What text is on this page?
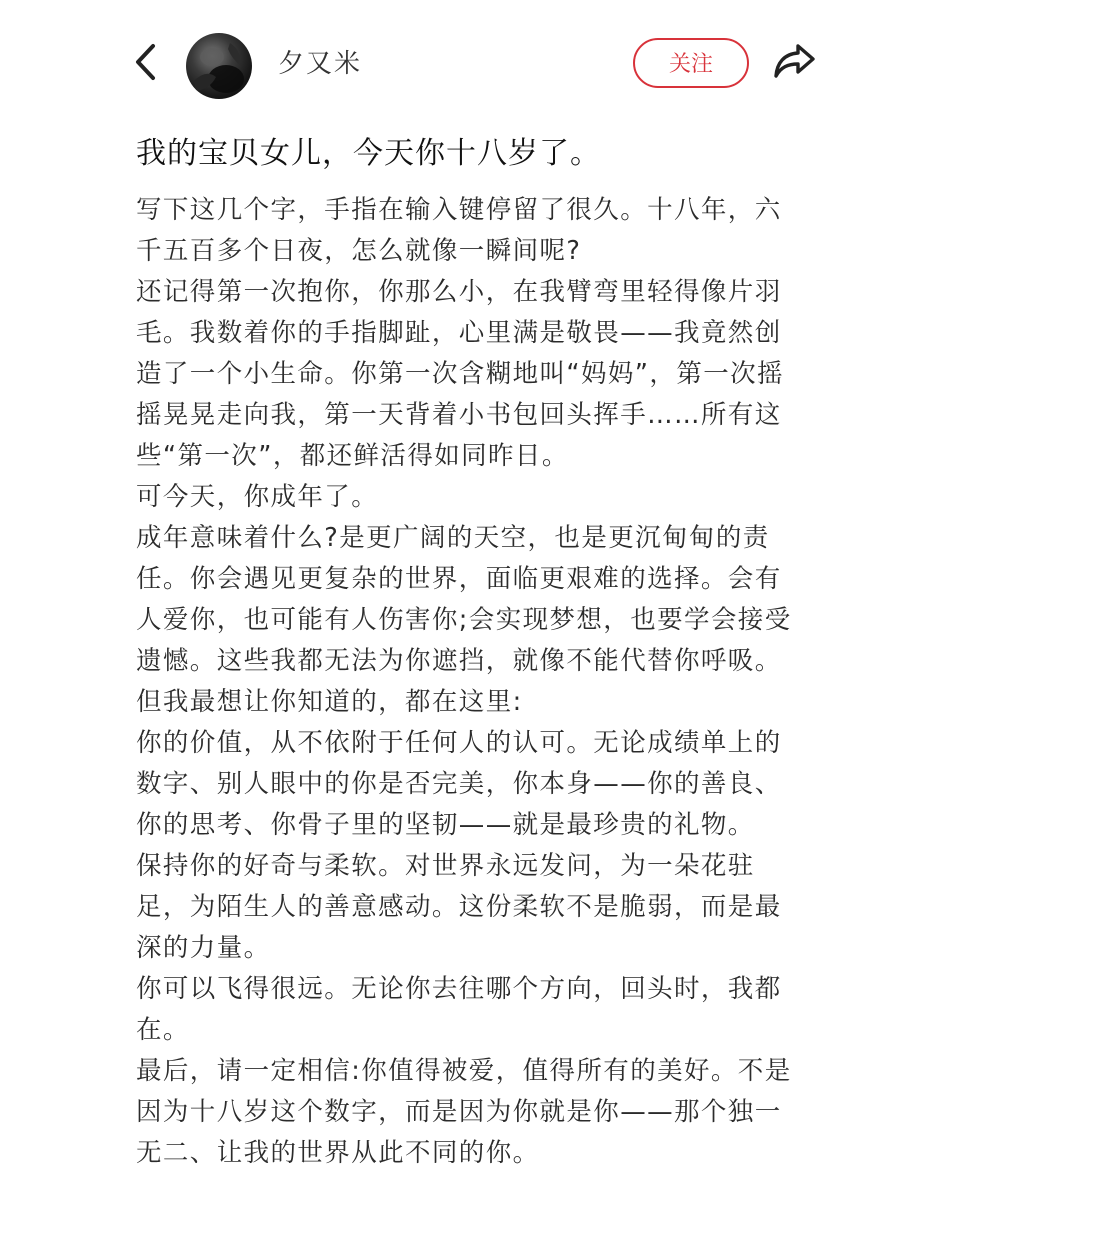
夕又米	关注
我的宝贝女儿，今天你十八岁了。

写下这几个字，手指在输入键停留了很久。十八年，六千五百多个日夜，怎么就像一瞬间呢?

还记得第一次抱你，你那么小，在我臂弯里轻得像片羽毛。我数着你的手指脚趾，心里满是敬畏——我竟然创造了一个小生命。你第一次含糊地叫“妈妈”，第一次摇摇晃晃走向我，第一天背着小书包回头挥手……所有这些“第一次”，都还鲜活得如同昨日。

可今天，你成年了。

成年意味着什么?是更广阔的天空，也是更沉甸甸的责任。你会遇见更复杂的世界，面临更艰难的选择。会有人爱你，也可能有人伤害你;会实现梦想，也要学会接受遗憾。这些我都无法为你遮挡，就像不能代替你呼吸。

但我最想让你知道的，都在这里:

你的价值，从不依附于任何人的认可。无论成绩单上的数字、别人眼中的你是否完美，你本身——你的善良、你的思考、你骨子里的坚韧——就是最珍贵的礼物。

保持你的好奇与柔软。对世界永远发问，为一朵花驻足，为陌生人的善意感动。这份柔软不是脆弱，而是最深的力量。

你可以飞得很远。无论你去往哪个方向，回头时，我都在。

最后，请一定相信:你值得被爱，值得所有的美好。不是因为十八岁这个数字，而是因为你就是你——那个独一无二、让我的世界从此不同的你。
